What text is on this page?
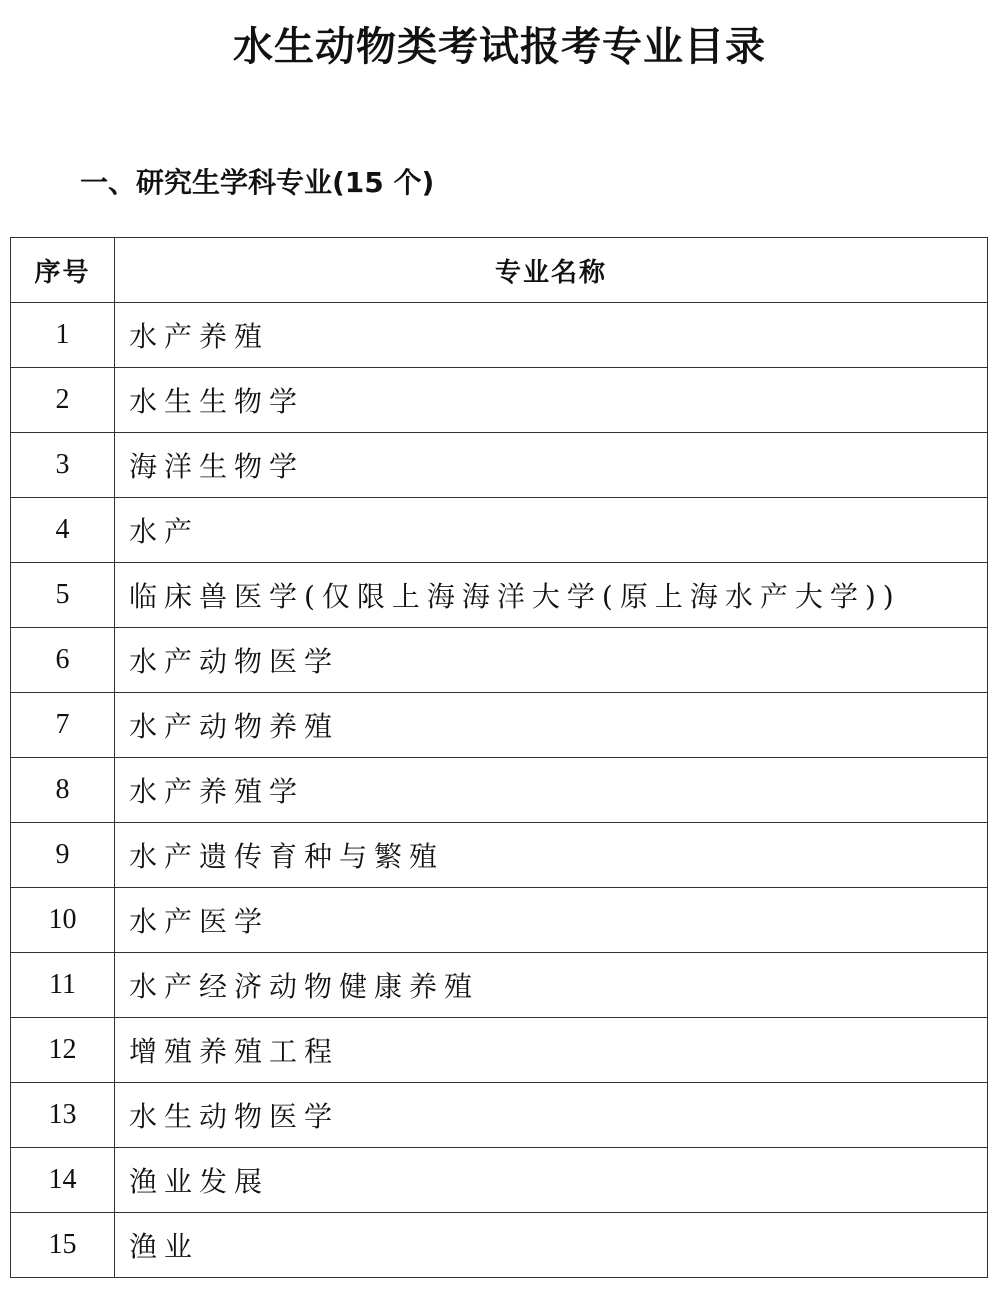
水生动物类考试报考专业目录
一、研究生学科专业(15 个)
序号	专业名称
1	水产养殖
2	水生生物学
3	海洋生物学
4	水产
5	临床兽医学(仅限上海海洋大学(原上海水产大学))
6	水产动物医学
7	水产动物养殖
8	水产养殖学
9	水产遗传育种与繁殖
10	水产医学
11	水产经济动物健康养殖
12	增殖养殖工程
13	水生动物医学
14	渔业发展
15	渔业
